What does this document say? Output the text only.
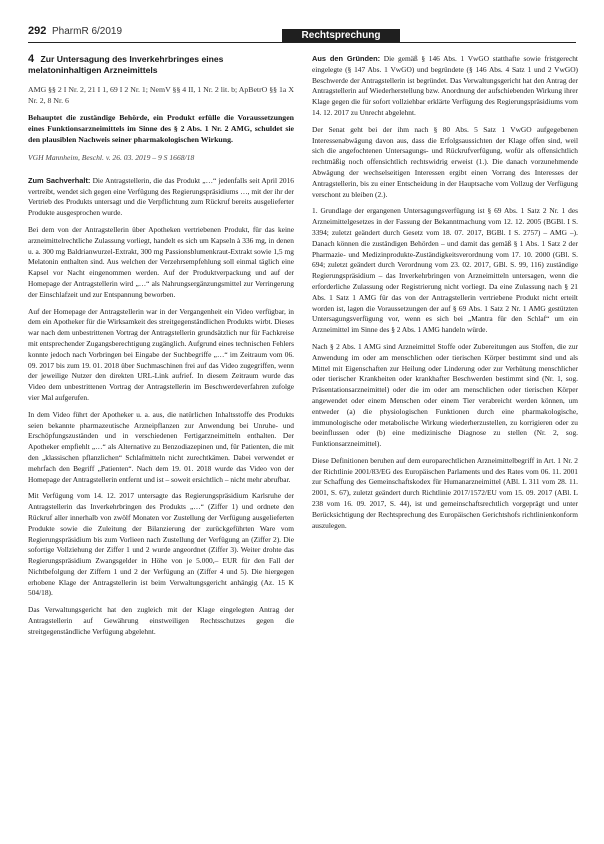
292 PharmR 6/2019	Rechtsprechung
4 Zur Untersagung des Inverkehrbringes eines melatoninhaltigen Arzneimittels

AMG §§ 2 I Nr. 2, 21 I 1, 69 I 2 Nr. 1; NemV §§ 4 II, 1 Nr. 2 lit. b; ApBetrO §§ 1a X Nr. 2, 8 Nr. 6

Behauptet die zuständige Behörde, ein Produkt erfülle die Voraussetzungen eines Funktionsarzneimittels im Sinne des § 2 Abs. 1 Nr. 2 AMG, schuldet sie den plausiblen Nachweis seiner pharmakologischen Wirkung.

VGH Mannheim, Beschl. v. 26. 03. 2019 – 9 S 1668/18

Zum Sachverhalt: Die Antragstellerin, die das Produkt „…“ jedenfalls seit April 2016 vertreibt, wendet sich gegen eine Verfügung des Regierungspräsidiums …, mit der ihr der Vertrieb des Produkts untersagt und die Verpflichtung zum Rückruf bereits ausgelieferter Produkte ausgesprochen wurde.

Bei dem von der Antragstellerin über Apotheken vertriebenen Produkt, für das keine arzneimittelrechtliche Zulassung vorliegt, handelt es sich um Kapseln à 336 mg, in denen u. a. 300 mg Baldrianwurzel-Extrakt, 300 mg Passionsblumenkraut-Extrakt sowie 1,5 mg Melatonin enthalten sind. Aus welchen der Verzehrsempfehlung soll einmal täglich eine Kapsel vor Nacht eingenommen werden. Auf der Produktverpackung und auf der Homepage der Antragstellerin wird „…“ als Nahrungsergänzungsmittel zur Verringerung der Einschlafzeit und zur Entspannung beworben.

Auf der Homepage der Antragstellerin war in der Vergangenheit ein Video verfügbar, in dem ein Apotheker für die Wirksamkeit des streitgegenständlichen Produkts wirbt. Dieses war nach dem unbestrittenen Vortrag der Antragstellerin grundsätzlich nur für Fachkreise mit entsprechender Zugangsberechtigung zugänglich. Aufgrund eines technischen Fehlers konnte jedoch nach Vorbringen bei Eingabe der Suchbegriffe „…“ im Zeitraum vom 06. 09. 2017 bis zum 19. 01. 2018 über Suchmaschinen frei auf das Video zugegriffen, wenn der jeweilige Nutzer den direkten URL-Link aufrief. In diesem Zeitraum wurde das Video dem unbestrittenen Vortrag der Antragstellerin im Beschwerdeverfahren zufolge vier Mal aufgerufen.

In dem Video führt der Apotheker u. a. aus, die natürlichen Inhaltsstoffe des Produkts seien bekannte pharmazeutische Arzneipflanzen zur Anwendung bei Unruhe- und Erschöpfungszuständen und in verschiedenen Fertigarzneimitteln enthalten. Der Apotheker empfiehlt „…“ als Alternative zu Benzodiazepinen und, für Patienten, die mit den „klassischen pflanzlichen“ Schlafmitteln nicht zurechtkämen. Dabei verwendet er mehrfach den Begriff „Patienten“. Nach dem 19. 01. 2018 wurde das Video von der Homepage der Antragstellerin entfernt und ist – soweit ersichtlich – nicht mehr abrufbar.

Mit Verfügung vom 14. 12. 2017 untersagte das Regierungspräsidium Karlsruhe der Antragstellerin das Inverkehrbringen des Produkts „…“ (Ziffer 1) und ordnete den Rückruf aller innerhalb von zwölf Monaten vor Zustellung der Verfügung ausgelieferten Produkte sowie die Zuleitung der Bilanzierung der zurückgeführten Ware vom Regierungspräsidium bis zum Vorlieen nach Zustellung der Verfügung an (Ziffer 2). Die sofortige Vollziehung der Ziffer 1 und 2 wurde angeordnet (Ziffer 3). Weiter drohte das Regierungspräsidium Zwangsgelder in Höhe von je 5.000,– EUR für den Fall der Nichtbefolgung der Ziffern 1 und 2 der Verfügung an (Ziffer 4 und 5). Die hiergegen erhobene Klage der Antragstellerin ist beim Verwaltungsgericht anhängig (Az. 15 K 504/18).

Das Verwaltungsgericht hat den zugleich mit der Klage eingelegten Antrag der Antragstellerin auf Gewährung einstweiligen Rechtsschutzes gegen die streitgegenständliche Verfügung abgelehnt.

Aus den Gründen: Die gemäß § 146 Abs. 1 VwGO statthafte sowie fristgerecht eingelegte (§ 147 Abs. 1 VwGO) und begründete (§ 146 Abs. 4 Satz 1 und 2 VwGO) Beschwerde der Antragstellerin ist begründet. Das Verwaltungsgericht hat den Antrag der Antragstellerin auf Wiederherstellung bzw. Anordnung der aufschiebenden Wirkung ihrer Klage gegen die für sofort vollziehbar erklärte Verfügung des Regierungspräsidiums vom 14. 12. 2017 zu Unrecht abgelehnt.

Der Senat geht bei der ihm nach § 80 Abs. 5 Satz 1 VwGO aufgegebenen Interessenabwägung davon aus, dass die Erfolgsaussichten der Klage offen sind, weil sich die angefochtenen Untersagungs- und Rückrufverfügung, wofür als offensichtlich rechtmäßig noch offensichtlich rechtswidrig erweist (1.). Die danach vorzunehmende Abwägung der wechselseitigen Interessen ergibt einen Vorrang des Interesses der Antragstellerin, bis zu einer Entscheidung in der Hauptsache vom Vollzug der Verfügung verschont zu bleiben (2.).

1. Grundlage der ergangenen Untersagungsverfügung ist § 69 Abs. 1 Satz 2 Nr. 1 des Arzneimittelgesetzes in der Fassung der Bekanntmachung vom 12. 12. 2005 (BGBl. I S. 3394; zuletzt geändert durch Gesetz vom 18. 07. 2017, BGBl. I S. 2757) – AMG –). Danach können die zuständigen Behörden – und damit das gemäß § 1 Abs. 1 Satz 2 der Pharmazie- und Medizinprodukte-Zuständigkeitsverordnung vom 17. 10. 2000 (GBl. S. 694; zuletzt geändert durch Verordnung vom 23. 02. 2017, GBl. S. 99, 116) zuständige Regierungspräsidium – das Inverkehrbringen von Arzneimitteln untersagen, wenn die erforderliche Zulassung oder Registrierung nicht vorliegt. Da eine Zulassung nach § 21 Abs. 1 Satz 1 AMG für das von der Antragstellerin vertriebene Produkt nicht erteilt worden ist, lagen die Voraussetzungen der auf § 69 Abs. 1 Satz 2 Nr. 1 AMG gestützten Untersagungsverfügung vor, wenn es sich bei „Mantra für den Schlaf“ um ein Arzneimittel im Sinne des § 2 Abs. 1 AMG handeln würde.

Nach § 2 Abs. 1 AMG sind Arzneimittel Stoffe oder Zubereitungen aus Stoffen, die zur Anwendung im oder am menschlichen oder tierischen Körper bestimmt sind und als Mittel mit Eigenschaften zur Heilung oder Linderung oder zur Verhütung menschlicher oder tierischer Krankheiten oder krankhafter Beschwerden bestimmt sind (Nr. 1, sog. Präsentationsarzneimittel) oder die im oder am menschlichen oder tierischen Körper angewendet oder einem Menschen oder einem Tier verabreicht werden können, um entweder (a) die physiologischen Funktionen durch eine pharmakologische, immunologische oder metabolische Wirkung wiederherzustellen, zu korrigieren oder zu beeinflussen oder (b) eine medizinische Diagnose zu stellen (Nr. 2, sog. Funktionsarzneimittel).

Diese Definitionen beruhen auf dem europarechtlichen Arzneimittelbegriff in Art. 1 Nr. 2 der Richtlinie 2001/83/EG des Europäischen Parlaments und des Rates vom 06. 11. 2001 zur Schaffung des Gemeinschaftskodex für Humanarzneimittel (ABl. L 311 vom 28. 11. 2001, S. 67), zuletzt geändert durch Richtlinie 2017/1572/EU vom 15. 09. 2017 (ABl. L 238 vom 16. 09. 2017, S. 44), ist und gemeinschaftsrechtlich vorgeprägt und unter Berücksichtigung der Rechtsprechung des Europäischen Gerichtshofs richtlinienkonform auszulegen.
